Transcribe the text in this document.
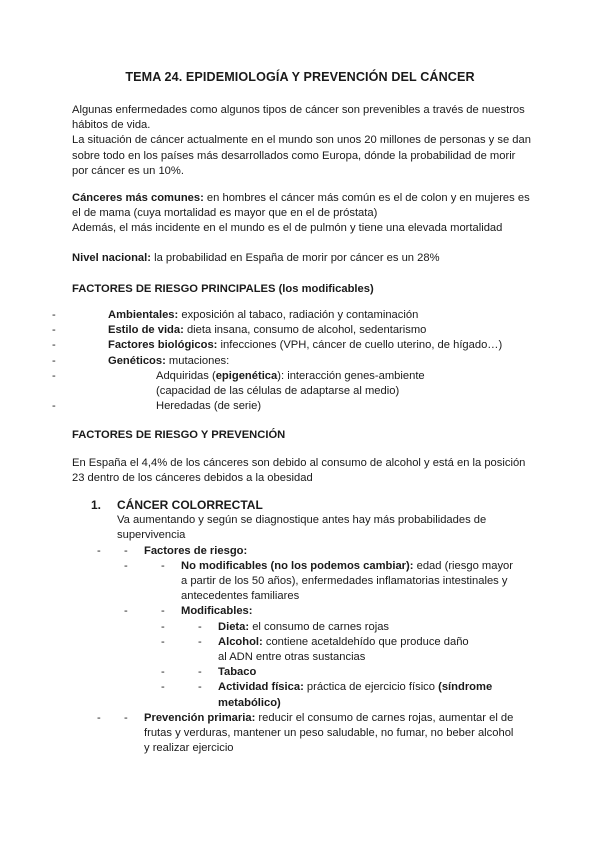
TEMA 24. EPIDEMIOLOGÍA Y PREVENCIÓN DEL CÁNCER

Algunas enfermedades como algunos tipos de cáncer son prevenibles a través de nuestros hábitos de vida.

La situación de cáncer actualmente en el mundo son unos 20 millones de personas y se dan sobre todo en los países más desarrollados como Europa, dónde la probabilidad de morir por cáncer es un 10%.

Cánceres más comunes: en hombres el cáncer más común es el de colon y en mujeres es el de mama (cuya mortalidad es mayor que en el de próstata)

Además, el más incidente en el mundo es el de pulmón y tiene una elevada mortalidad

Nivel nacional: la probabilidad en España de morir por cáncer es un 28%

FACTORES DE RIESGO PRINCIPALES (los modificables)

- Ambientales: exposición al tabaco, radiación y contaminación
- Estilo de vida: dieta insana, consumo de alcohol, sedentarismo
- Factores biológicos: infecciones (VPH, cáncer de cuello uterino, de hígado…)
- Genéticos: mutaciones:
- Adquiridas (epigenética): interacción genes-ambiente (capacidad de las células de adaptarse al medio)
- Heredadas (de serie)

FACTORES DE RIESGO Y PREVENCIÓN

En España el 4,4% de los cánceres son debido al consumo de alcohol y está en la posición 23 dentro de los cánceres debidos a la obesidad

1. CÁNCER COLORRECTAL

Va aumentando y según se diagnostique antes hay más probabilidades de supervivencia

- - Factores de riesgo:
- - No modificables (no los podemos cambiar): edad (riesgo mayor a partir de los 50 años), enfermedades inflamatorias intestinales y antecedentes familiares
- - Modificables:
- - Dieta: el consumo de carnes rojas
- - Alcohol: contiene acetaldehído que produce daño al ADN entre otras sustancias
- - Tabaco
- - Actividad física: práctica de ejercicio físico (síndrome metabólico)
- - Prevención primaria: reducir el consumo de carnes rojas, aumentar el de frutas y verduras, mantener un peso saludable, no fumar, no beber alcohol y realizar ejercicio
